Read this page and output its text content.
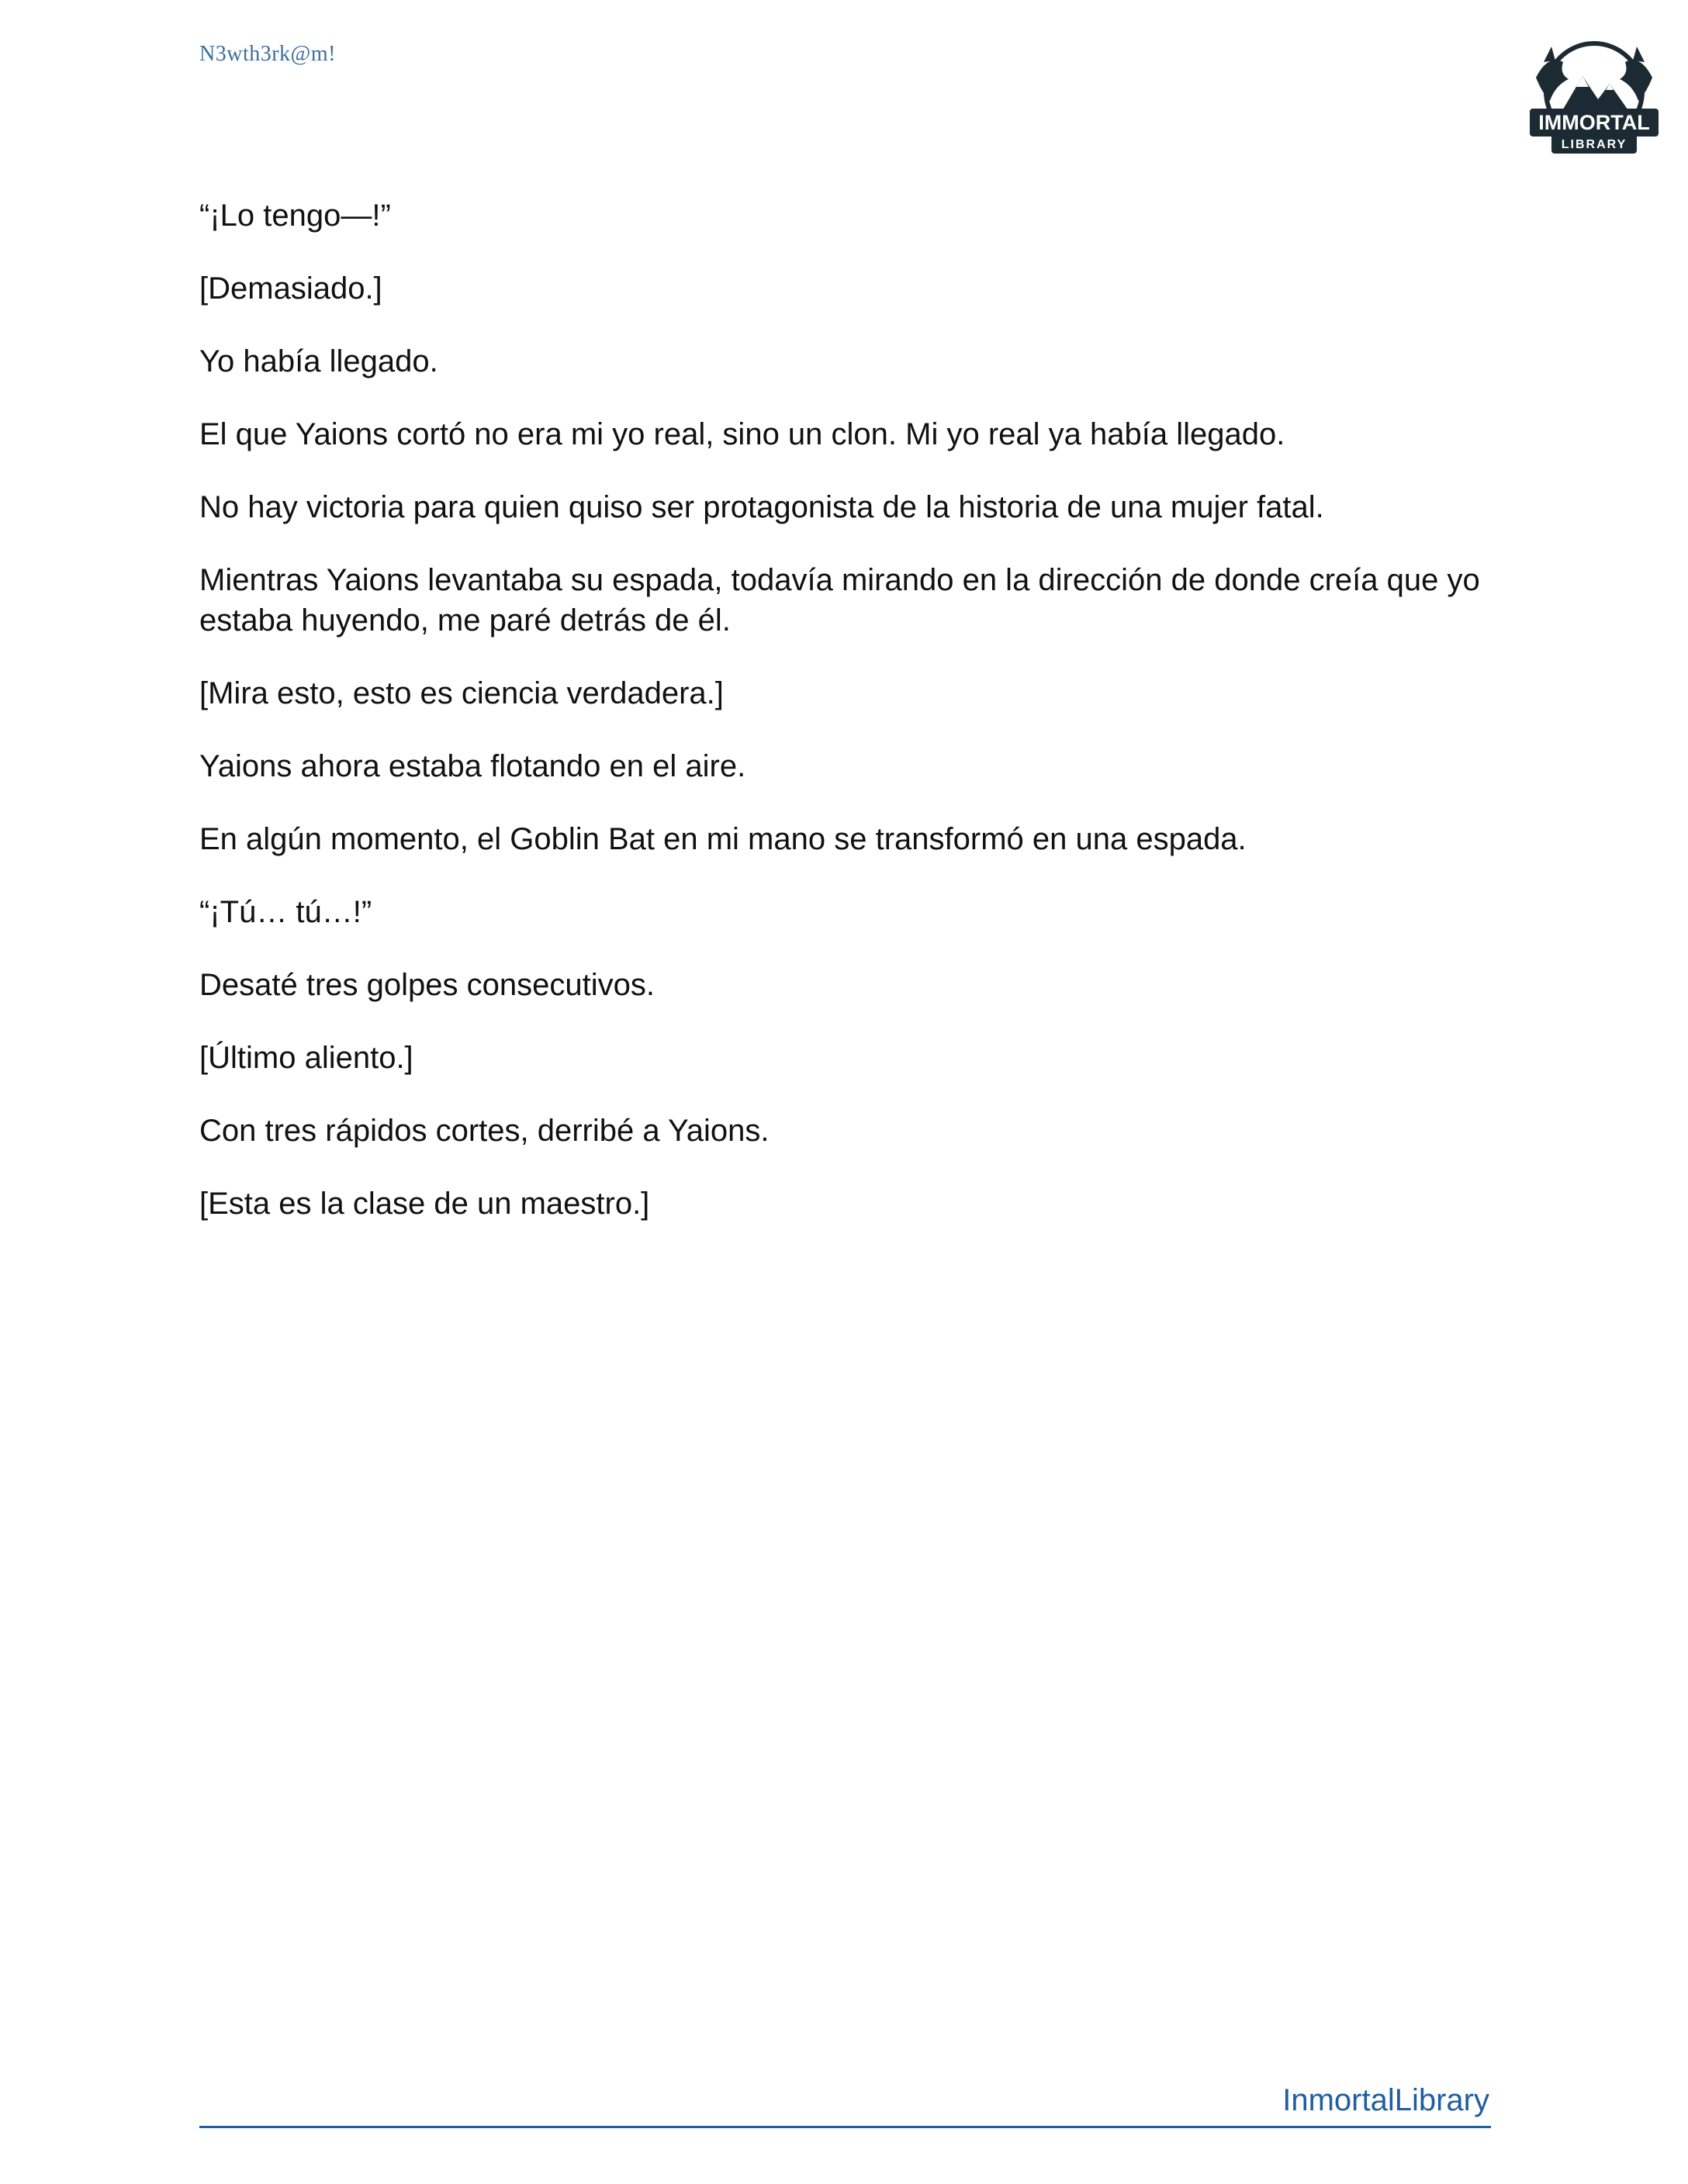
N3wth3rk@m!
IMMORTAL
LIBRARY

“¡Lo tengo—!”

[Demasiado.]

Yo había llegado.

El que Yaions cortó no era mi yo real, sino un clon. Mi yo real ya había llegado.

No hay victoria para quien quiso ser protagonista de la historia de una mujer fatal.

Mientras Yaions levantaba su espada, todavía mirando en la dirección de donde creía que yo estaba huyendo, me paré detrás de él.

[Mira esto, esto es ciencia verdadera.]

Yaions ahora estaba flotando en el aire.

En algún momento, el Goblin Bat en mi mano se transformó en una espada.

“¡Tú… tú…!”

Desaté tres golpes consecutivos.

[Último aliento.]

Con tres rápidos cortes, derribé a Yaions.

[Esta es la clase de un maestro.]

InmortalLibrary
